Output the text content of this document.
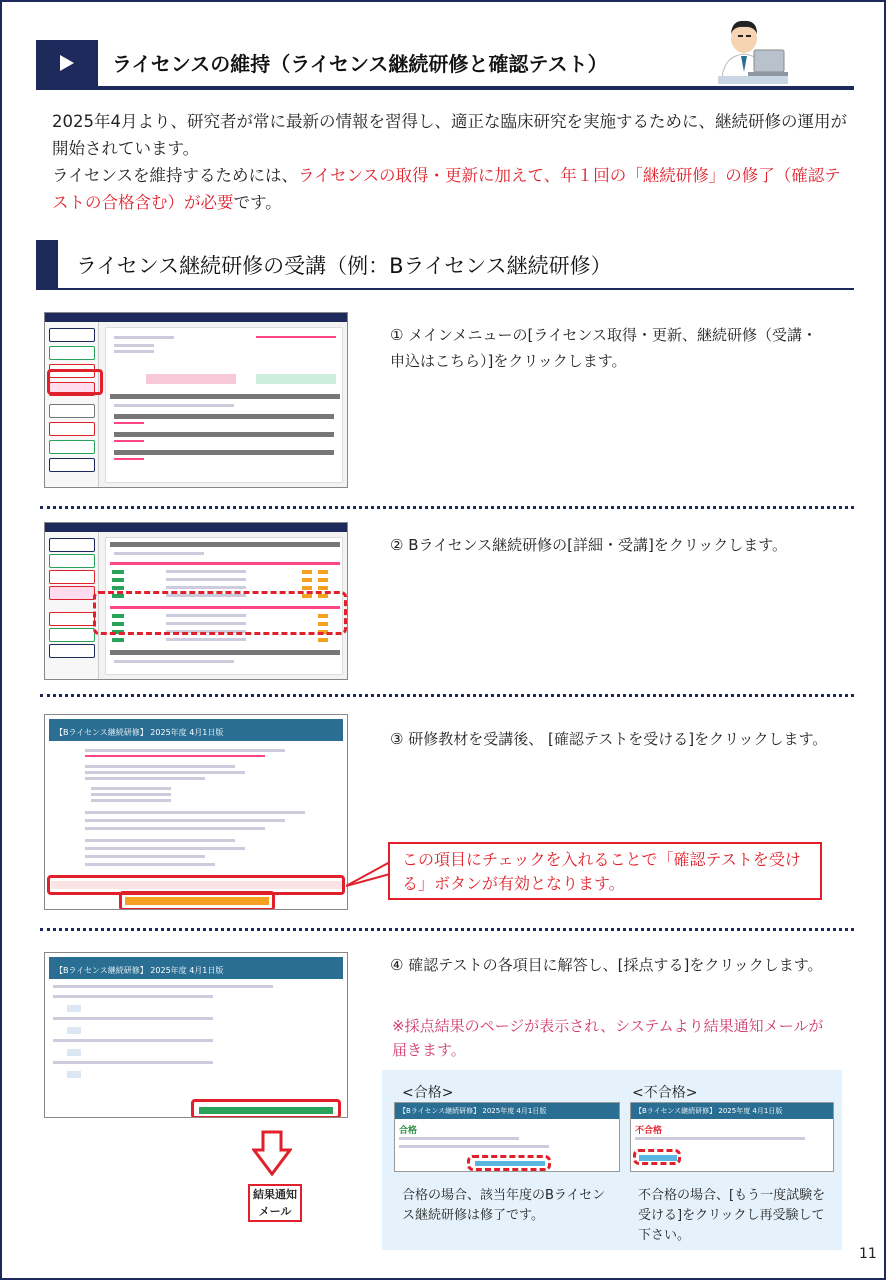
ライセンスの維持（ライセンス継続研修と確認テスト）
2025年4月より、研究者が常に最新の情報を習得し、適正な臨床研究を実施するために、継続研修の運用が開始されています。
ライセンスを維持するためには、ライセンスの取得・更新に加えて、年１回の「継続研修」の修了（確認テストの合格含む）が必要です。
ライセンス継続研修の受講（例：Bライセンス継続研修）
① メインメニューの[ライセンス取得・更新、継続研修（受講・申込はこちら）]をクリックします。
② Bライセンス継続研修の[詳細・受講]をクリックします。
【Bライセンス継続研修】 2025年度 4月1日版	③ 研修教材を受講後、 [確認テストを受ける]をクリックします。
この項目にチェックを入れることで「確認テストを受ける」ボタンが有効となります。
【Bライセンス継続研修】 2025年度 4月1日版	④ 確認テストの各項目に解答し、[採点する]をクリックします。
※採点結果のページが表示され、システムより結果通知メールが届きます。
結果通知
メール
<合格>	<不合格>
【Bライセンス継続研修】 2025年度 4月1日版
合格
【Bライセンス継続研修】 2025年度 4月1日版
不合格
合格の場合、該当年度のBライセンス継続研修は修了です。
不合格の場合、[もう一度試験を受ける]をクリックし再受験して下さい。
11
